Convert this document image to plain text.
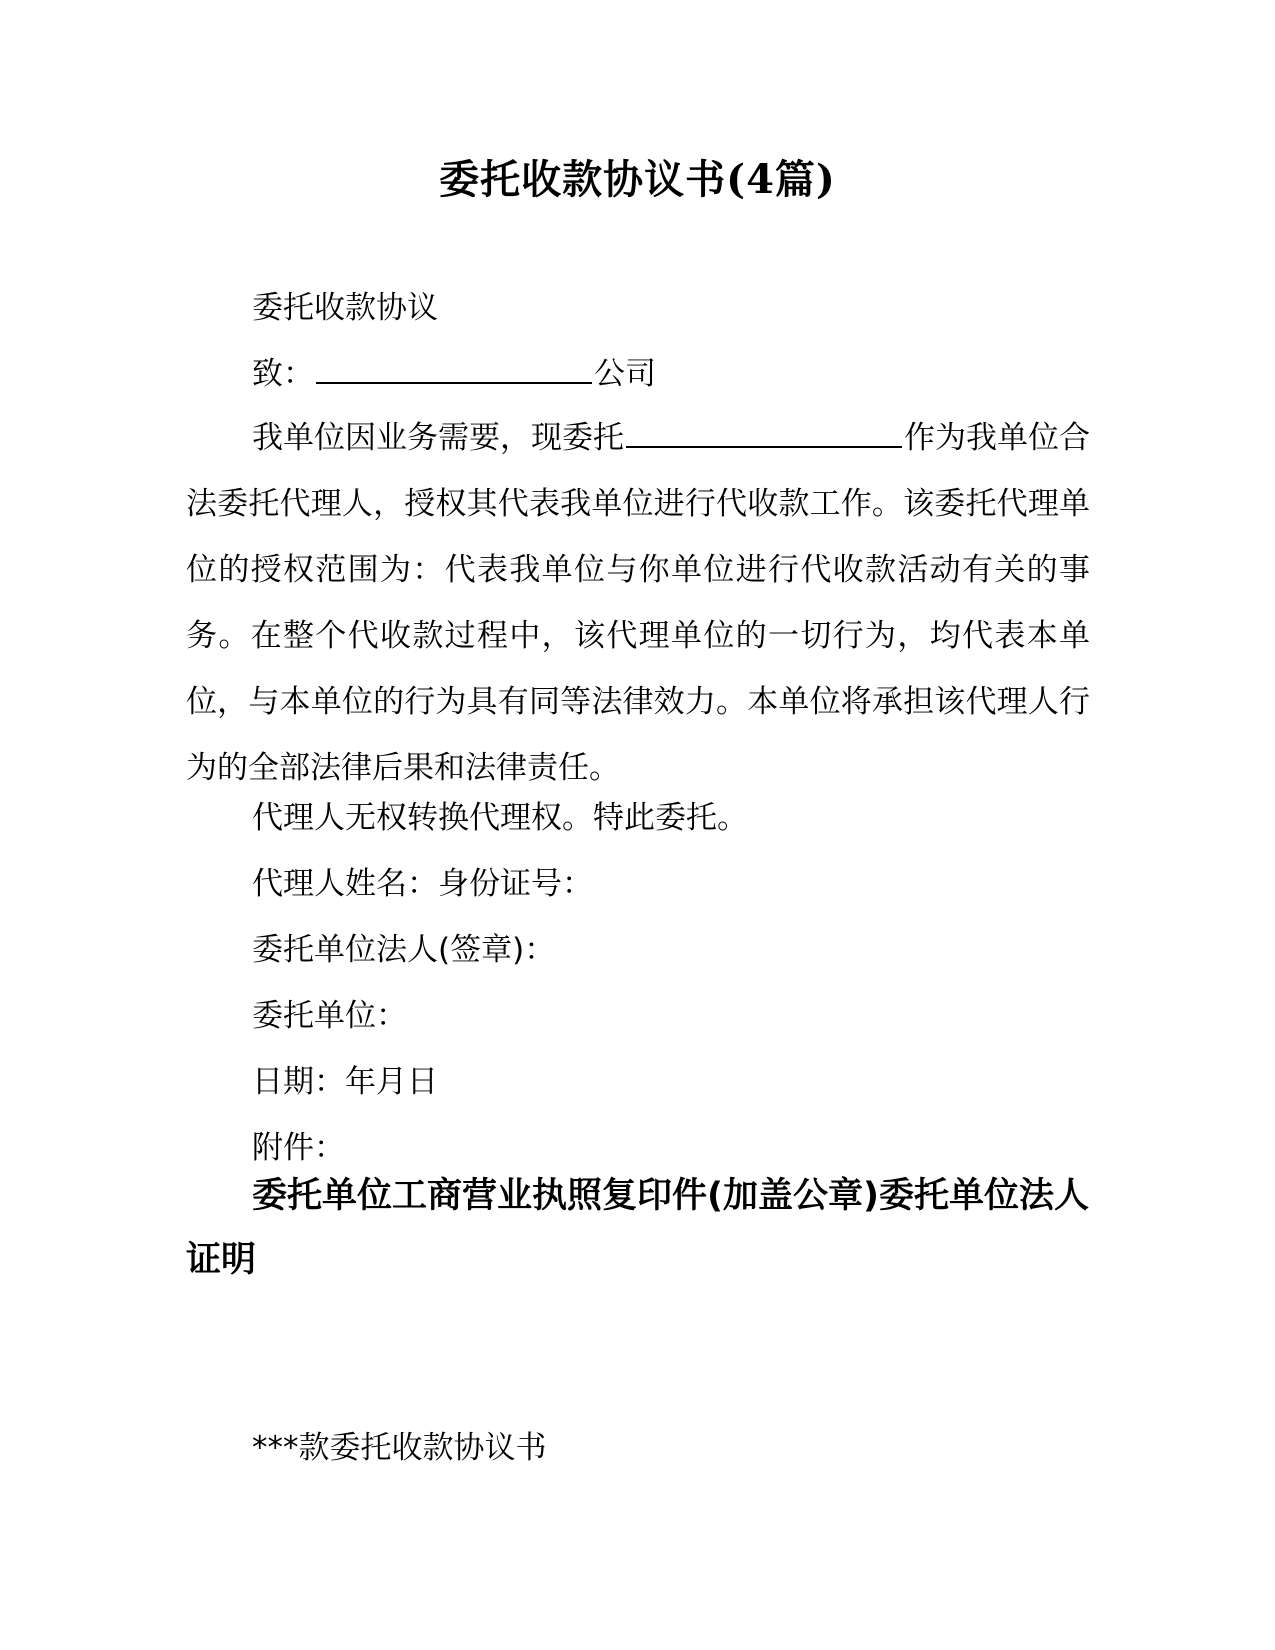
委托收款协议书(4篇)
委托收款协议
致：	公司
我单位因业务需要，现委托	作为我单位合法委托代理人，授权其代表我单位进行代收款工作。该委托代理单位的授权范围为：代表我单位与你单位进行代收款活动有关的事务。在整个代收款过程中，该代理单位的一切行为，均代表本单位，与本单位的行为具有同等法律效力。本单位将承担该代理人行为的全部法律后果和法律责任。
代理人无权转换代理权。特此委托。
代理人姓名：身份证号：
委托单位法人(签章)：
委托单位：
日期：年月日
附件：
委托单位工商营业执照复印件(加盖公章)委托单位法人证明
***款委托收款协议书
